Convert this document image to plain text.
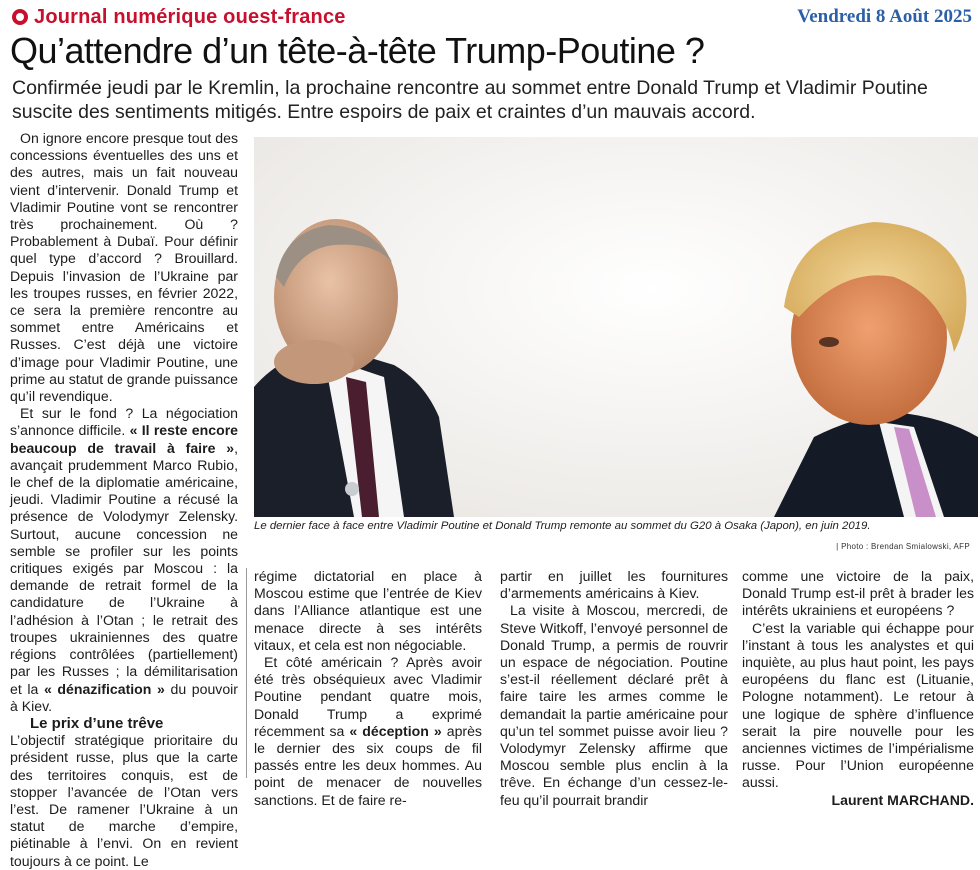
Journal numérique ouest-france	Vendredi 8 Août 2025
Qu’attendre d’un tête-à-tête Trump-Poutine ?

Confirmée jeudi par le Kremlin, la prochaine rencontre au sommet entre Donald Trump et Vladimir Poutine suscite des sentiments mitigés. Entre espoirs de paix et craintes d’un mauvais accord.

On ignore encore presque tout des concessions éventuelles des uns et des autres, mais un fait nouveau vient d’intervenir. Donald Trump et Vladimir Poutine vont se rencontrer très prochainement. Où ? Probablement à Dubaï. Pour définir quel type d’accord ? Brouillard. Depuis l’invasion de l’Ukraine par les troupes russes, en février 2022, ce sera la première rencontre au sommet entre Américains et Russes. C’est déjà une victoire d’image pour Vladimir Poutine, une prime au statut de grande puissance qu’il revendique.

Et sur le fond ? La négociation s’annonce difficile. « Il reste encore beaucoup de travail à faire », avançait prudemment Marco Rubio, le chef de la diplomatie américaine, jeudi. Vladimir Poutine a récusé la présence de Volodymyr Zelensky. Surtout, aucune concession ne semble se profiler sur les points critiques exigés par Moscou : la demande de retrait formel de la candidature de l’Ukraine à l’adhésion à l’Otan ; le retrait des troupes ukrainiennes des quatre régions contrôlées (partiellement) par les Russes ; la démilitarisation et la « dénazification » du pouvoir à Kiev.

Le prix d’une trêve

L’objectif stratégique prioritaire du président russe, plus que la carte des territoires conquis, est de stopper l’avancée de l’Otan vers l’est. De ramener l’Ukraine à un statut de marche d’empire, piétinable à l’envi. On en revient toujours à ce point. Le

Le dernier face à face entre Vladimir Poutine et Donald Trump remonte au sommet du G20 à Osaka (Japon), en juin 2019.
| Photo : Brendan Smialowski, AFP

régime dictatorial en place à Moscou estime que l’entrée de Kiev dans l’Alliance atlantique est une menace directe à ses intérêts vitaux, et cela est non négociable.

Et côté américain ? Après avoir été très obséquieux avec Vladimir Poutine pendant quatre mois, Donald Trump a exprimé récemment sa « déception » après le dernier des six coups de fil passés entre les deux hommes. Au point de menacer de nouvelles sanctions. Et de faire re-

partir en juillet les fournitures d’armements américains à Kiev.

La visite à Moscou, mercredi, de Steve Witkoff, l’envoyé personnel de Donald Trump, a permis de rouvrir un espace de négociation. Poutine s’est-il réellement déclaré prêt à faire taire les armes comme le demandait la partie américaine pour qu’un tel sommet puisse avoir lieu ? Volodymyr Zelensky affirme que Moscou semble plus enclin à la trêve. En échange d’un cessez-le-feu qu’il pourrait brandir

comme une victoire de la paix, Donald Trump est-il prêt à brader les intérêts ukrainiens et européens ?

C’est la variable qui échappe pour l’instant à tous les analystes et qui inquiète, au plus haut point, les pays européens du flanc est (Lituanie, Pologne notamment). Le retour à une logique de sphère d’influence serait la pire nouvelle pour les anciennes victimes de l’impérialisme russe. Pour l’Union européenne aussi.

Laurent MARCHAND.
